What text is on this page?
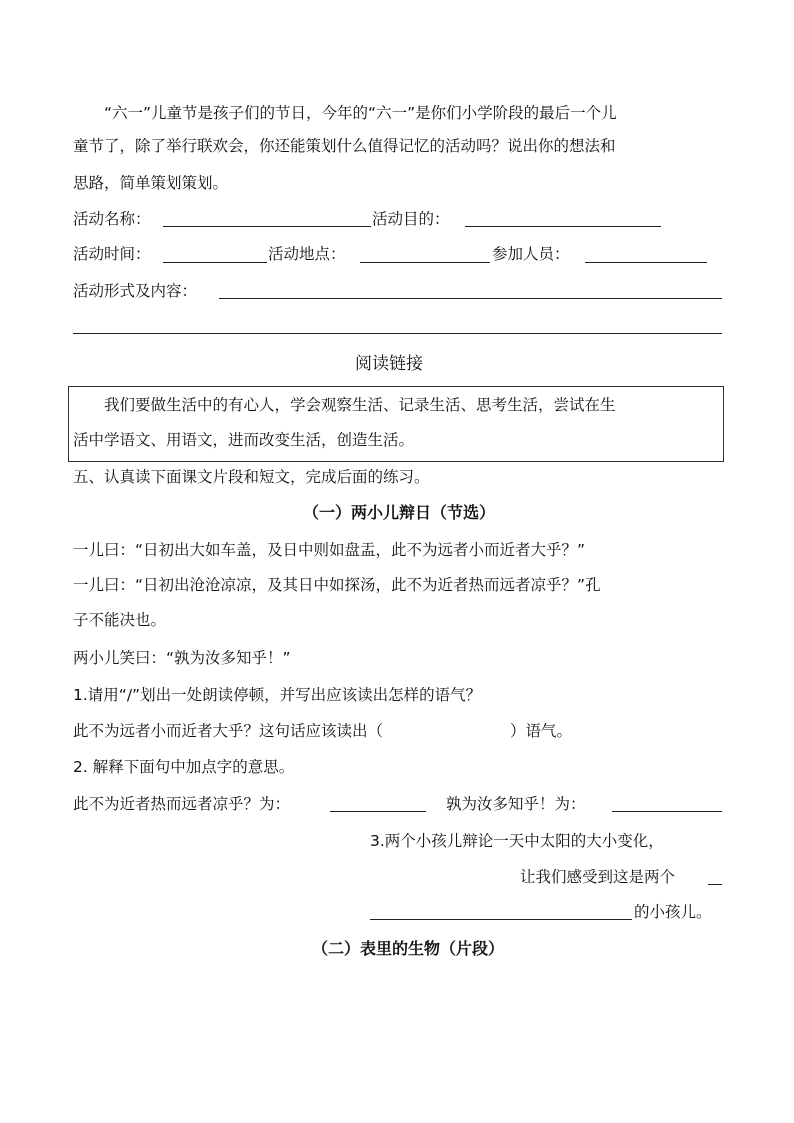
“六一”儿童节是孩子们的节日，今年的“六一”是你们小学阶段的最后一个儿
童节了，除了举行联欢会，你还能策划什么值得记忆的活动吗？说出你的想法和
思路，简单策划策划。
活动名称：	活动目的：
活动时间：	活动地点：	参加人员：
活动形式及内容：
阅读链接
我们要做生活中的有心人，学会观察生活、记录生活、思考生活，尝试在生
活中学语文、用语文，进而改变生活，创造生活。
五、认真读下面课文片段和短文，完成后面的练习。
（一）两小儿辩日（节选）
一儿曰：“日初出大如车盖，及日中则如盘盂，此不为远者小而近者大乎？”
一儿曰：“日初出沧沧凉凉，及其日中如探汤，此不为近者热而远者凉乎？”孔
子不能决也。
两小儿笑曰：“孰为汝多知乎！”
1.请用“/”划出一处朗读停顿，并写出应该读出怎样的语气？
此不为远者小而近者大乎？这句话应该读出（	）语气。
2. 解释下面句中加点字的意思。
此不为近者热而远者凉乎？为：	孰为汝多知乎！为：
3.两个小孩儿辩论一天中太阳的大小变化，
让我们感受到这是两个
的小孩儿。
（二）表里的生物（片段）
